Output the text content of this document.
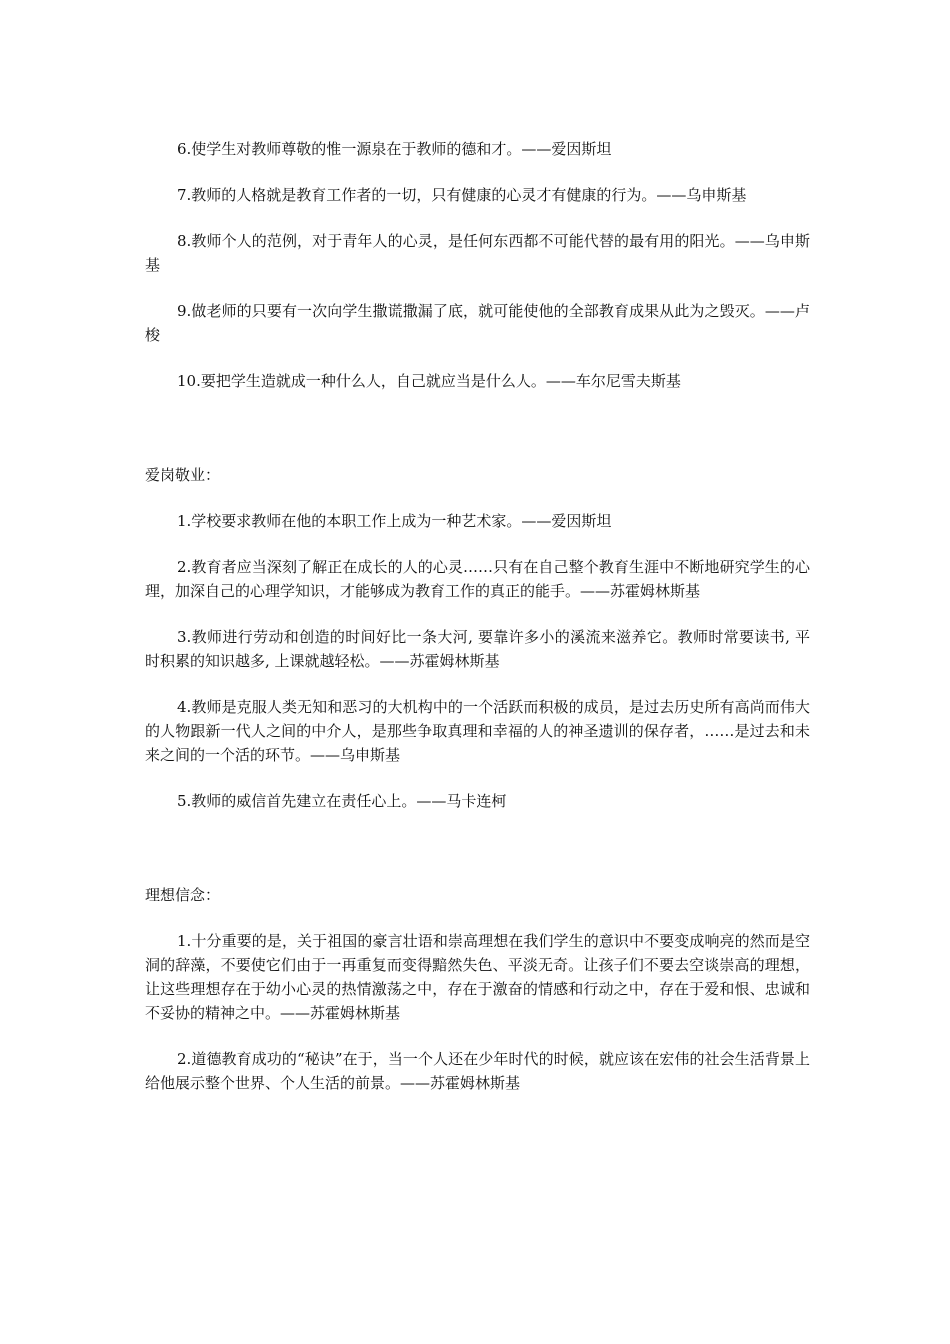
6.使学生对教师尊敬的惟一源泉在于教师的德和才。——爱因斯坦

7.教师的人格就是教育工作者的一切，只有健康的心灵才有健康的行为。——乌申斯基

8.教师个人的范例，对于青年人的心灵，是任何东西都不可能代替的最有用的阳光。——乌申斯基

9.做老师的只要有一次向学生撒谎撒漏了底，就可能使他的全部教育成果从此为之毁灭。——卢梭

10.要把学生造就成一种什么人，自己就应当是什么人。——车尔尼雪夫斯基

爱岗敬业：

1.学校要求教师在他的本职工作上成为一种艺术家。——爱因斯坦

2.教育者应当深刻了解正在成长的人的心灵……只有在自己整个教育生涯中不断地研究学生的心理，加深自己的心理学知识，才能够成为教育工作的真正的能手。——苏霍姆林斯基

3.教师进行劳动和创造的时间好比一条大河, 要靠许多小的溪流来滋养它。教师时常要读书, 平时积累的知识越多, 上课就越轻松。——苏霍姆林斯基

4.教师是克服人类无知和恶习的大机构中的一个活跃而积极的成员，是过去历史所有高尚而伟大的人物跟新一代人之间的中介人，是那些争取真理和幸福的人的神圣遗训的保存者，……是过去和未来之间的一个活的环节。——乌申斯基

5.教师的威信首先建立在责任心上。——马卡连柯

理想信念：

1.十分重要的是，关于祖国的豪言壮语和崇高理想在我们学生的意识中不要变成响亮的然而是空洞的辞藻，不要使它们由于一再重复而变得黯然失色、平淡无奇。让孩子们不要去空谈崇高的理想，让这些理想存在于幼小心灵的热情激荡之中，存在于激奋的情感和行动之中，存在于爱和恨、忠诚和不妥协的精神之中。——苏霍姆林斯基

2.道德教育成功的“秘诀”在于，当一个人还在少年时代的时候，就应该在宏伟的社会生活背景上给他展示整个世界、个人生活的前景。——苏霍姆林斯基
